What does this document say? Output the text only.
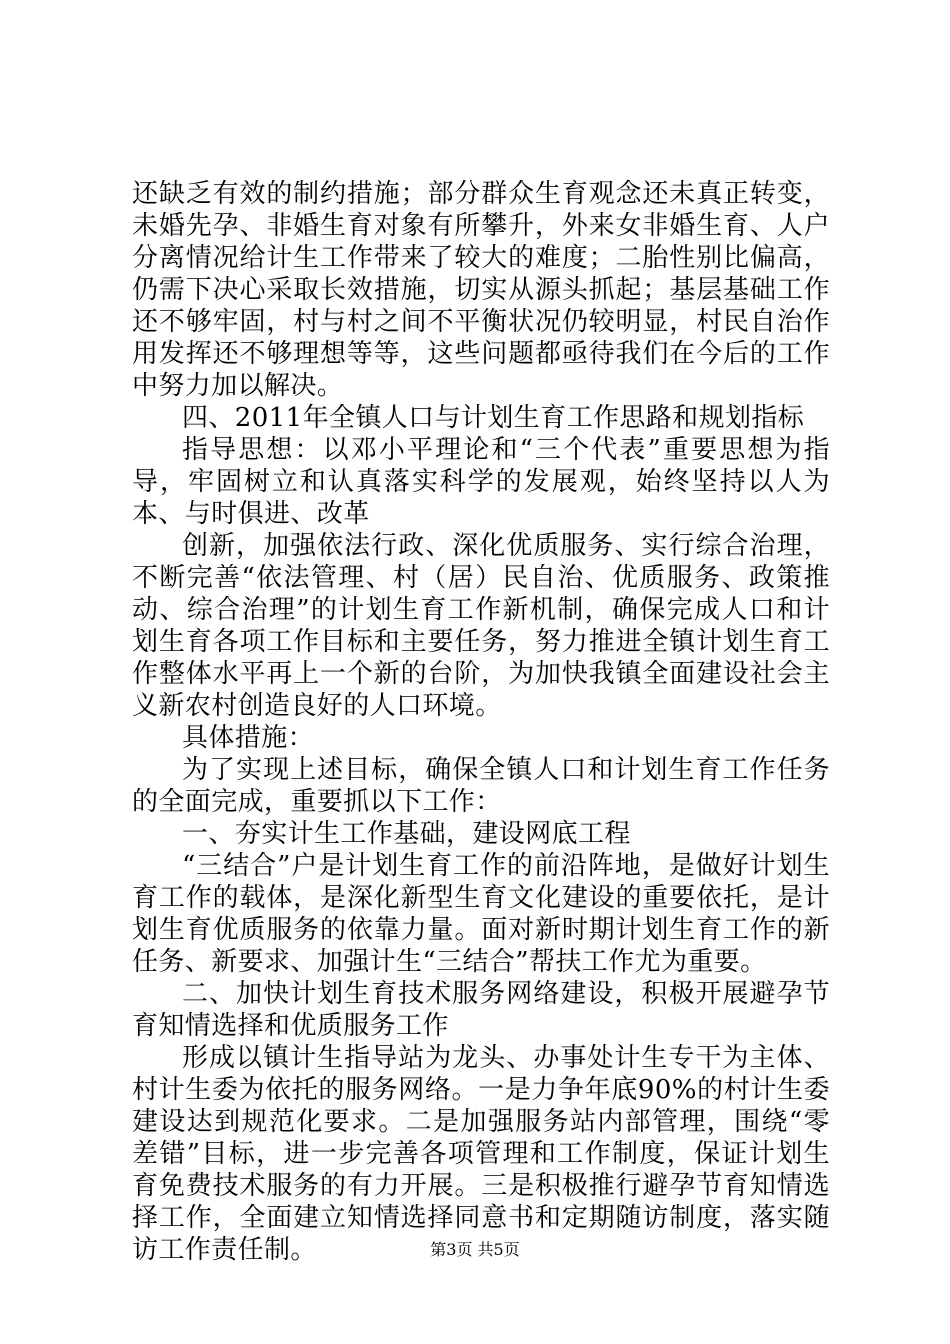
还缺乏有效的制约措施；部分群众生育观念还未真正转变，未婚先孕、非婚生育对象有所攀升，外来女非婚生育、人户分离情况给计生工作带来了较大的难度；二胎性别比偏高，仍需下决心采取长效措施，切实从源头抓起；基层基础工作还不够牢固，村与村之间不平衡状况仍较明显，村民自治作用发挥还不够理想等等，这些问题都亟待我们在今后的工作中努力加以解决。

四、2011年全镇人口与计划生育工作思路和规划指标

指导思想：以邓小平理论和“三个代表”重要思想为指导，牢固树立和认真落实科学的发展观，始终坚持以人为本、与时俱进、改革

创新，加强依法行政、深化优质服务、实行综合治理，不断完善“依法管理、村（居）民自治、优质服务、政策推动、综合治理”的计划生育工作新机制，确保完成人口和计划生育各项工作目标和主要任务，努力推进全镇计划生育工作整体水平再上一个新的台阶，为加快我镇全面建设社会主义新农村创造良好的人口环境。

具体措施：

为了实现上述目标，确保全镇人口和计划生育工作任务的全面完成，重要抓以下工作：

一、夯实计生工作基础，建设网底工程

“三结合”户是计划生育工作的前沿阵地，是做好计划生育工作的载体，是深化新型生育文化建设的重要依托，是计划生育优质服务的依靠力量。面对新时期计划生育工作的新任务、新要求、加强计生“三结合”帮扶工作尤为重要。

二、加快计划生育技术服务网络建设，积极开展避孕节育知情选择和优质服务工作

形成以镇计生指导站为龙头、办事处计生专干为主体、村计生委为依托的服务网络。一是力争年底90%的村计生委建设达到规范化要求。二是加强服务站内部管理，围绕“零差错”目标，进一步完善各项管理和工作制度，保证计划生育免费技术服务的有力开展。三是积极推行避孕节育知情选择工作，全面建立知情选择同意书和定期随访制度，落实随访工作责任制。	第3页 共5页
